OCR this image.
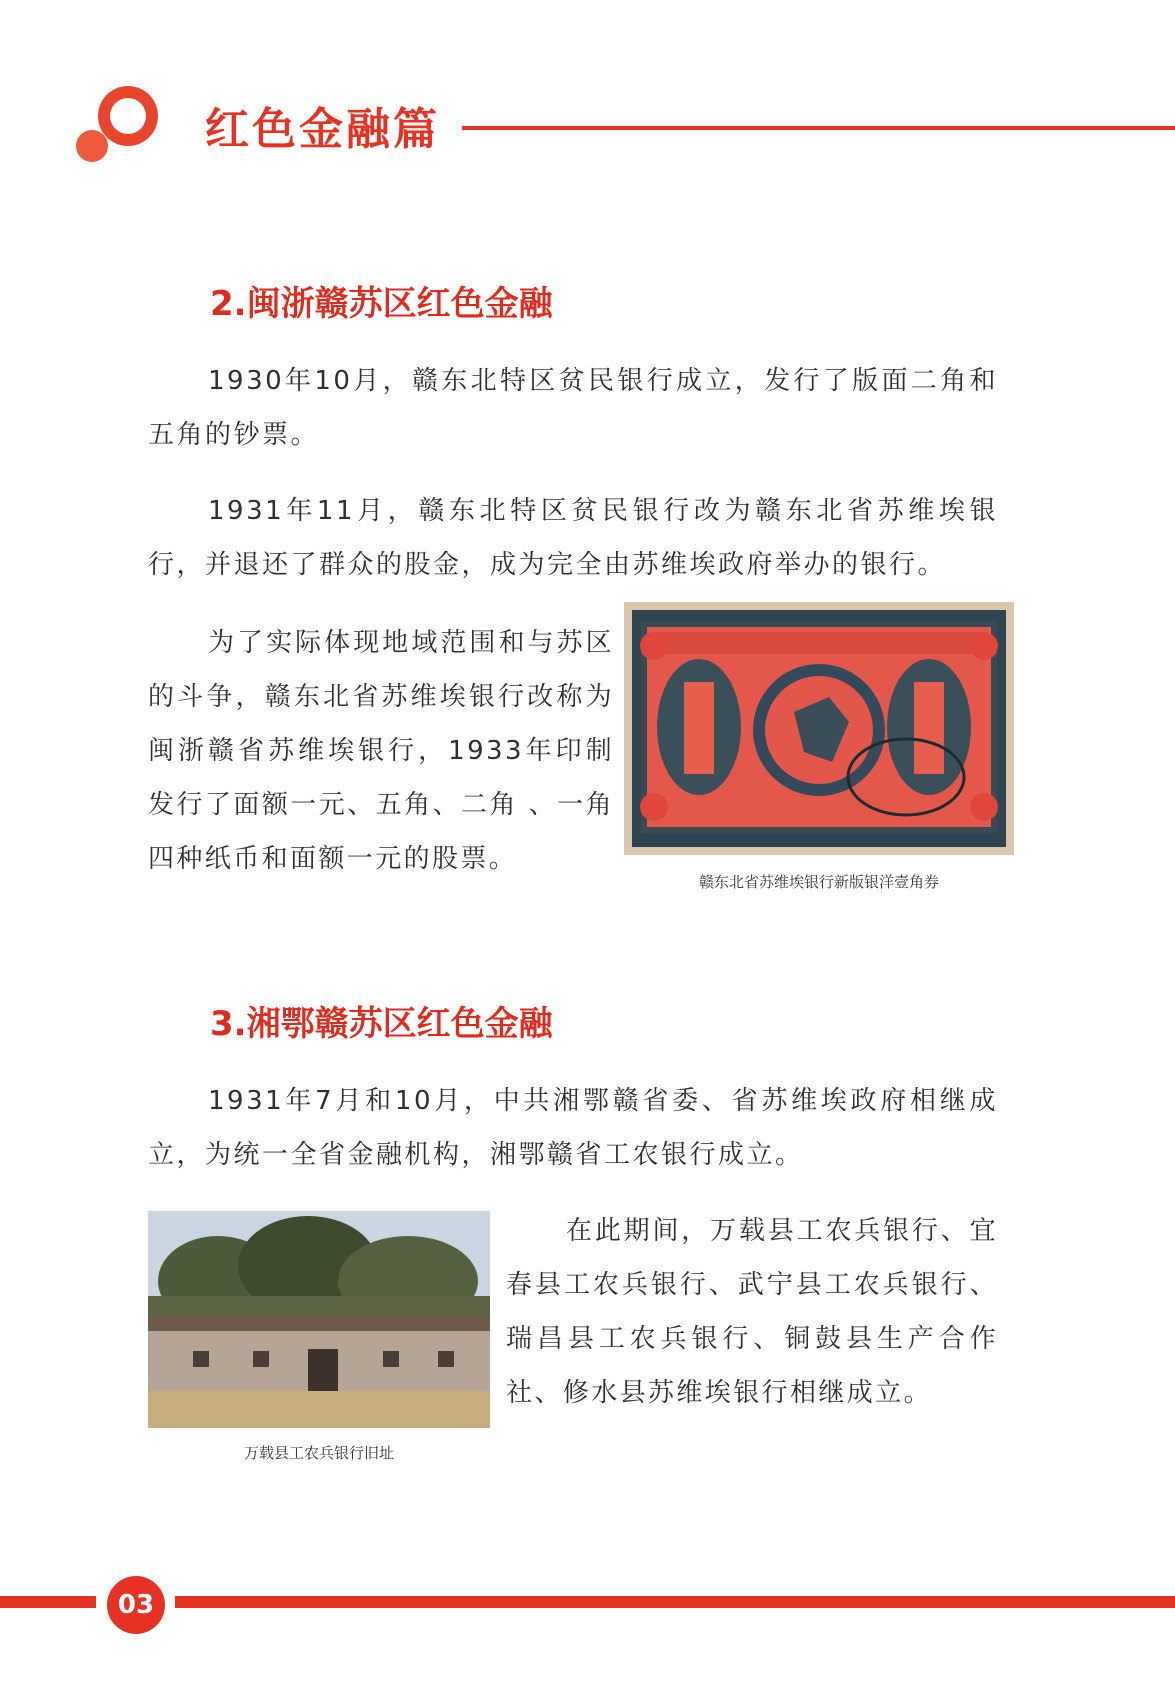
红色金融篇
2.闽浙赣苏区红色金融

1930年10月，赣东北特区贫民银行成立，发行了版面二角和五角的钞票。

1931年11月，赣东北特区贫民银行改为赣东北省苏维埃银行，并退还了群众的股金，成为完全由苏维埃政府举办的银行。

为了实际体现地域范围和与苏区的斗争，赣东北省苏维埃银行改称为闽浙赣省苏维埃银行，1933年印制发行了面额一元、五角、二角 、一角四种纸币和面额一元的股票。

赣东北省苏维埃银行新版银洋壹角券
3.湘鄂赣苏区红色金融

1931年7月和10月，中共湘鄂赣省委、省苏维埃政府相继成立，为统一全省金融机构，湘鄂赣省工农银行成立。

万载县工农兵银行旧址

在此期间，万载县工农兵银行、宜春县工农兵银行、武宁县工农兵银行、瑞昌县工农兵银行、铜鼓县生产合作社、修水县苏维埃银行相继成立。

03
